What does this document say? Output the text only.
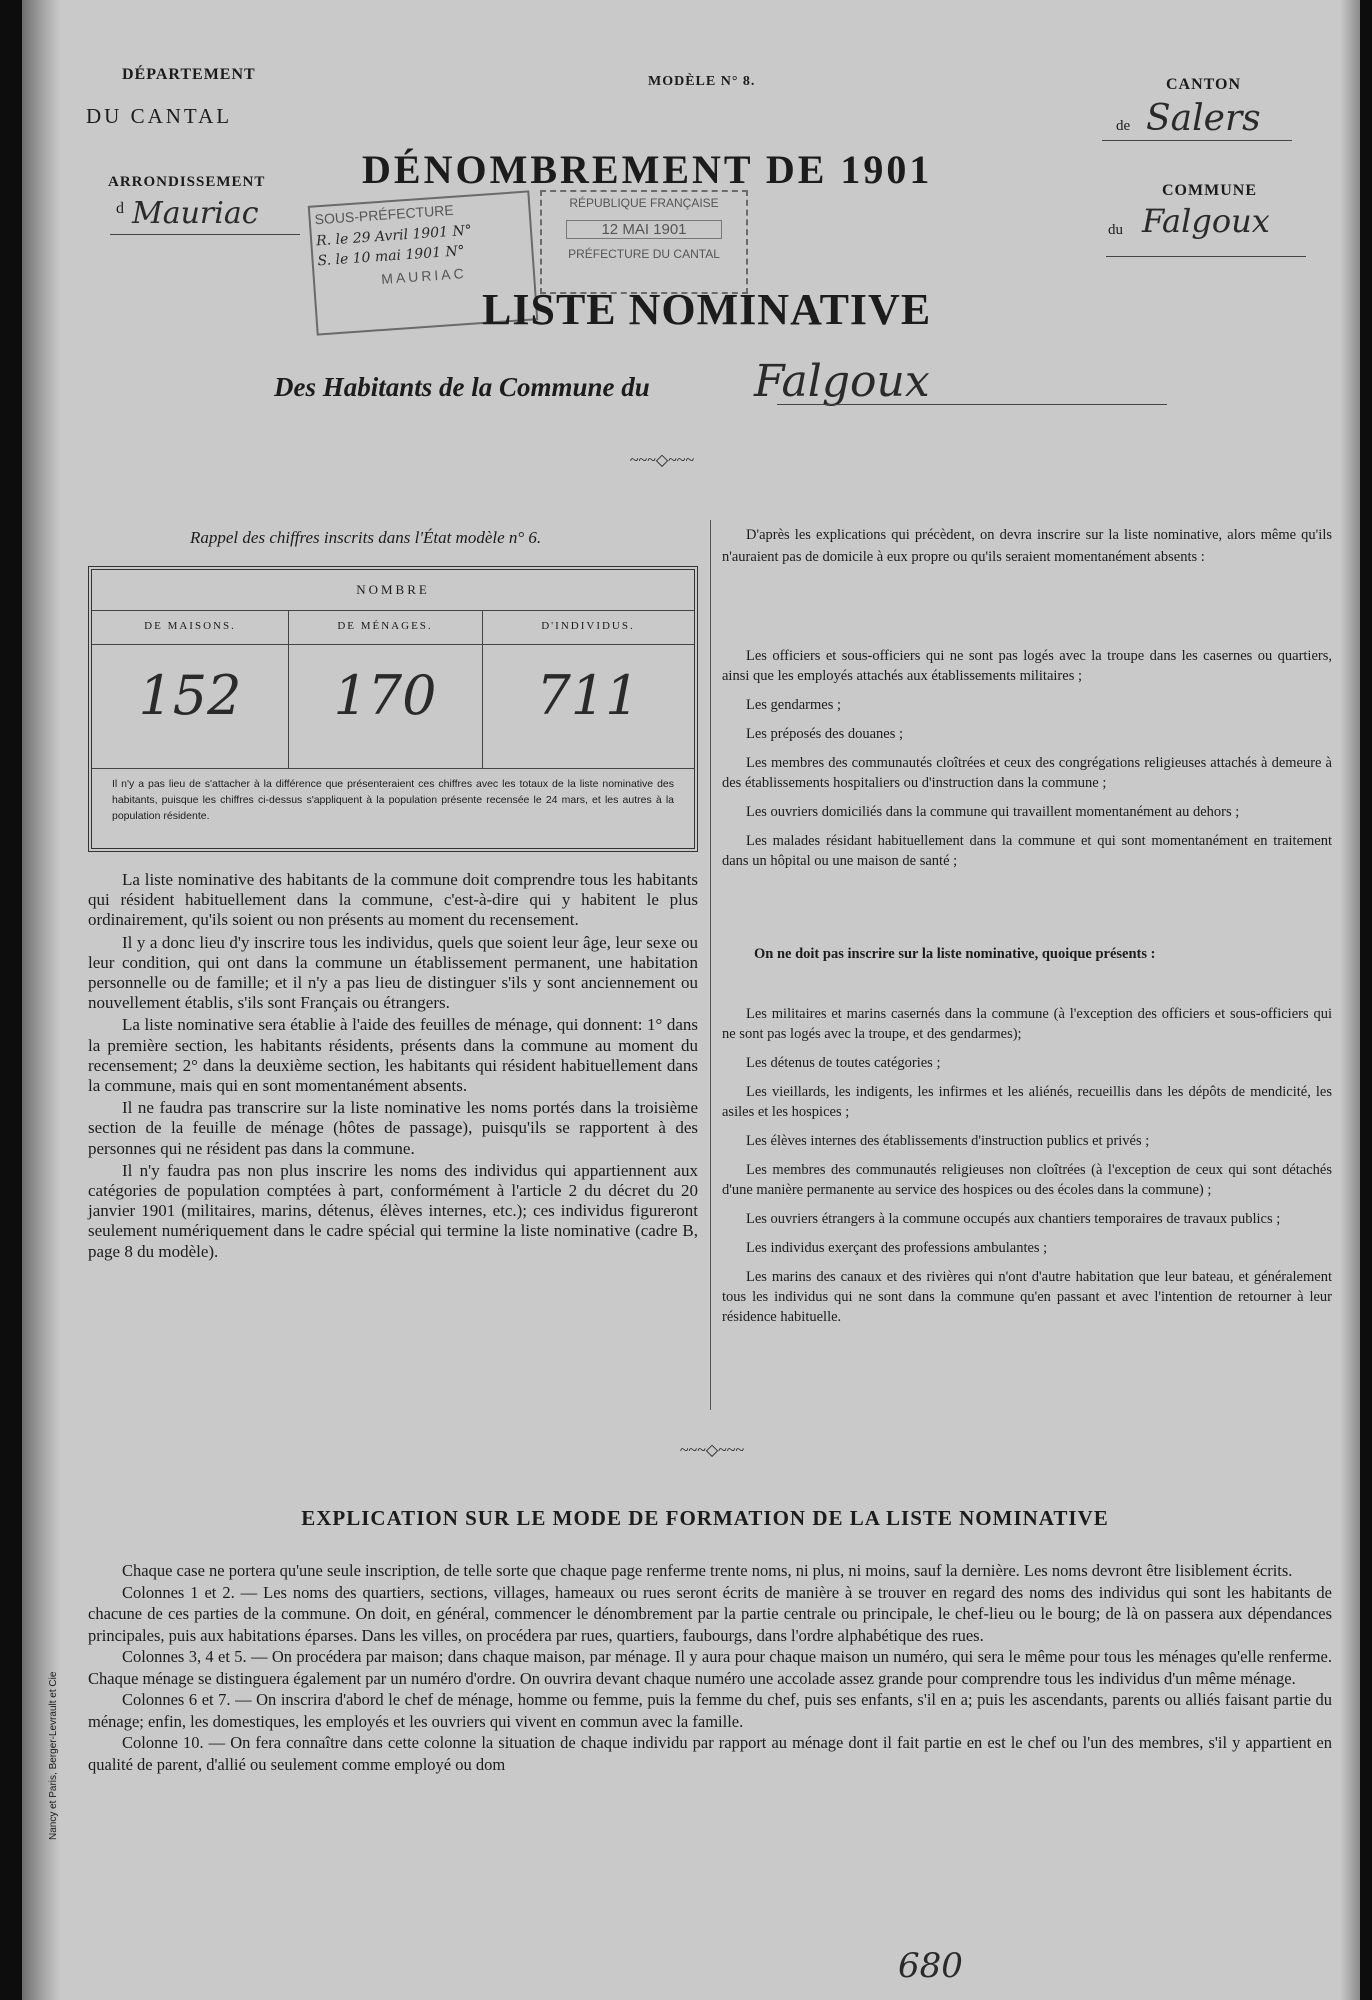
DÉPARTEMENT
DU CANTAL
ARRONDISSEMENT
d Mauriac
MODÈLE N° 8.
DÉNOMBREMENT DE 1901
CANTON
de Salers
COMMUNE
du Falgoux
SOUS-PRÉFECTURE
R. le 29 Avril 1901 N°
S. le 10 mai 1901 N°
MAURIAC
RÉPUBLIQUE FRANÇAISE
12 MAI 1901
PRÉFECTURE DU CANTAL
LISTE NOMINATIVE
Des Habitants de la Commune du Falgoux
~~~◇~~~
Rappel des chiffres inscrits dans l'État modèle n° 6.
NOMBRE
DE MAISONS.	DE MÉNAGES.	D'INDIVIDUS.
152	170	711
Il n'y a pas lieu de s'attacher à la différence que présenteraient ces chiffres avec les totaux de la liste nominative des habitants, puisque les chiffres ci-dessus s'appliquent à la population présente recensée le 24 mars, et les autres à la population résidente.

La liste nominative des habitants de la commune doit comprendre tous les habitants qui résident habituellement dans la commune, c'est-à-dire qui y habitent le plus ordinairement, qu'ils soient ou non présents au moment du recensement.

Il y a donc lieu d'y inscrire tous les individus, quels que soient leur âge, leur sexe ou leur condition, qui ont dans la commune un établissement permanent, une habitation personnelle ou de famille; et il n'y a pas lieu de distinguer s'ils y sont anciennement ou nouvellement établis, s'ils sont Français ou étrangers.

La liste nominative sera établie à l'aide des feuilles de ménage, qui donnent: 1° dans la première section, les habitants résidents, présents dans la commune au moment du recensement; 2° dans la deuxième section, les habitants qui résident habituellement dans la commune, mais qui en sont momentanément absents.

Il ne faudra pas transcrire sur la liste nominative les noms portés dans la troisième section de la feuille de ménage (hôtes de passage), puisqu'ils se rapportent à des personnes qui ne résident pas dans la commune.

Il n'y faudra pas non plus inscrire les noms des individus qui appartiennent aux catégories de population comptées à part, conformément à l'article 2 du décret du 20 janvier 1901 (militaires, marins, détenus, élèves internes, etc.); ces individus figureront seulement numériquement dans le cadre spécial qui termine la liste nominative (cadre B, page 8 du modèle).

D'après les explications qui précèdent, on devra inscrire sur la liste nominative, alors même qu'ils n'auraient pas de domicile à eux propre ou qu'ils seraient momentanément absents :

Les officiers et sous-officiers qui ne sont pas logés avec la troupe dans les casernes ou quartiers, ainsi que les employés attachés aux établissements militaires ;

Les gendarmes ;

Les préposés des douanes ;

Les membres des communautés cloîtrées et ceux des congrégations religieuses attachés à demeure à des établissements hospitaliers ou d'instruction dans la commune ;

Les ouvriers domiciliés dans la commune qui travaillent momentanément au dehors ;

Les malades résidant habituellement dans la commune et qui sont momentanément en traitement dans un hôpital ou une maison de santé ;

On ne doit pas inscrire sur la liste nominative, quoique présents :

Les militaires et marins casernés dans la commune (à l'exception des officiers et sous-officiers qui ne sont pas logés avec la troupe, et des gendarmes);

Les détenus de toutes catégories ;

Les vieillards, les indigents, les infirmes et les aliénés, recueillis dans les dépôts de mendicité, les asiles et les hospices ;

Les élèves internes des établissements d'instruction publics et privés ;

Les membres des communautés religieuses non cloîtrées (à l'exception de ceux qui sont détachés d'une manière permanente au service des hospices ou des écoles dans la commune) ;

Les ouvriers étrangers à la commune occupés aux chantiers temporaires de travaux publics ;

Les individus exerçant des professions ambulantes ;

Les marins des canaux et des rivières qui n'ont d'autre habitation que leur bateau, et généralement tous les individus qui ne sont dans la commune qu'en passant et avec l'intention de retourner à leur résidence habituelle.

~~~◇~~~
EXPLICATION SUR LE MODE DE FORMATION DE LA LISTE NOMINATIVE

Chaque case ne portera qu'une seule inscription, de telle sorte que chaque page renferme trente noms, ni plus, ni moins, sauf la dernière. Les noms devront être lisiblement écrits.

Colonnes 1 et 2. — Les noms des quartiers, sections, villages, hameaux ou rues seront écrits de manière à se trouver en regard des noms des individus qui sont les habitants de chacune de ces parties de la commune. On doit, en général, commencer le dénombrement par la partie centrale ou principale, le chef-lieu ou le bourg; de là on passera aux dépendances principales, puis aux habitations éparses. Dans les villes, on procédera par rues, quartiers, faubourgs, dans l'ordre alphabétique des rues.

Colonnes 3, 4 et 5. — On procédera par maison; dans chaque maison, par ménage. Il y aura pour chaque maison un numéro, qui sera le même pour tous les ménages qu'elle renferme. Chaque ménage se distinguera également par un numéro d'ordre. On ouvrira devant chaque numéro une accolade assez grande pour comprendre tous les individus d'un même ménage.

Colonnes 6 et 7. — On inscrira d'abord le chef de ménage, homme ou femme, puis la femme du chef, puis ses enfants, s'il en a; puis les ascendants, parents ou alliés faisant partie du ménage; enfin, les domestiques, les employés et les ouvriers qui vivent en commun avec la famille.

Colonne 10. — On fera connaître dans cette colonne la situation de chaque individu par rapport au ménage dont il fait partie en est le chef ou l'un des membres, s'il y appartient en qualité de parent, d'allié ou seulement comme employé ou dom

Nancy et Paris, Berger-Levrault et Cie
680
